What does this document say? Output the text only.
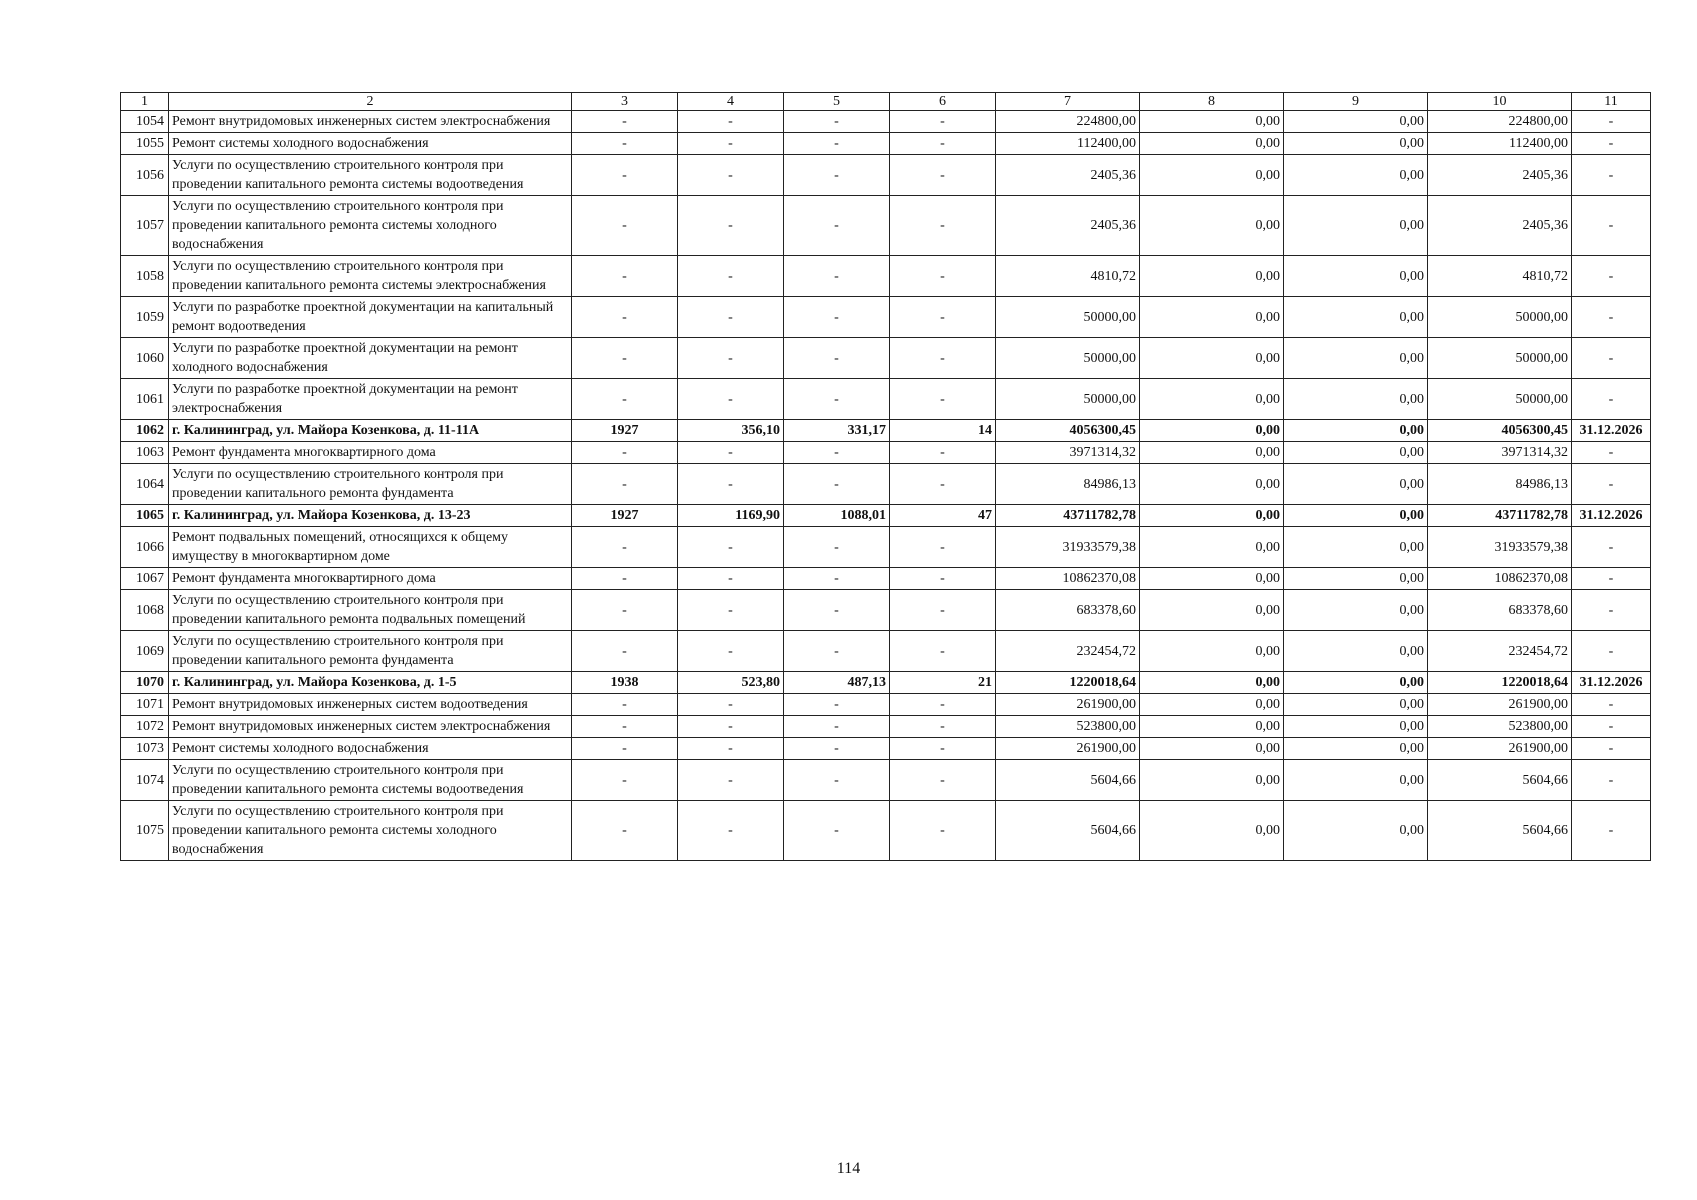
1	2	3	4	5	6	7	8	9	10	11
1054	Ремонт внутридомовых инженерных систем электроснабжения	-	-	-	-	224800,00	0,00	0,00	224800,00	-
1055	Ремонт системы холодного водоснабжения	-	-	-	-	112400,00	0,00	0,00	112400,00	-
1056	Услуги по осуществлению строительного контроля при проведении капитального ремонта системы водоотведения	-	-	-	-	2405,36	0,00	0,00	2405,36	-
1057	Услуги по осуществлению строительного контроля при проведении капитального ремонта системы холодного водоснабжения	-	-	-	-	2405,36	0,00	0,00	2405,36	-
1058	Услуги по осуществлению строительного контроля при проведении капитального ремонта системы электроснабжения	-	-	-	-	4810,72	0,00	0,00	4810,72	-
1059	Услуги по разработке проектной документации на капитальный ремонт водоотведения	-	-	-	-	50000,00	0,00	0,00	50000,00	-
1060	Услуги по разработке проектной документации на ремонт холодного водоснабжения	-	-	-	-	50000,00	0,00	0,00	50000,00	-
1061	Услуги по разработке проектной документации на ремонт электроснабжения	-	-	-	-	50000,00	0,00	0,00	50000,00	-
1062	г. Калининград, ул. Майора Козенкова, д. 11-11А	1927	356,10	331,17	14	4056300,45	0,00	0,00	4056300,45	31.12.2026
1063	Ремонт фундамента многоквартирного дома	-	-	-	-	3971314,32	0,00	0,00	3971314,32	-
1064	Услуги по осуществлению строительного контроля при проведении капитального ремонта фундамента	-	-	-	-	84986,13	0,00	0,00	84986,13	-
1065	г. Калининград, ул. Майора Козенкова, д. 13-23	1927	1169,90	1088,01	47	43711782,78	0,00	0,00	43711782,78	31.12.2026
1066	Ремонт подвальных помещений, относящихся к общему имуществу в многоквартирном доме	-	-	-	-	31933579,38	0,00	0,00	31933579,38	-
1067	Ремонт фундамента многоквартирного дома	-	-	-	-	10862370,08	0,00	0,00	10862370,08	-
1068	Услуги по осуществлению строительного контроля при проведении капитального ремонта подвальных помещений	-	-	-	-	683378,60	0,00	0,00	683378,60	-
1069	Услуги по осуществлению строительного контроля при проведении капитального ремонта фундамента	-	-	-	-	232454,72	0,00	0,00	232454,72	-
1070	г. Калининград, ул. Майора Козенкова, д. 1-5	1938	523,80	487,13	21	1220018,64	0,00	0,00	1220018,64	31.12.2026
1071	Ремонт внутридомовых инженерных систем водоотведения	-	-	-	-	261900,00	0,00	0,00	261900,00	-
1072	Ремонт внутридомовых инженерных систем электроснабжения	-	-	-	-	523800,00	0,00	0,00	523800,00	-
1073	Ремонт системы холодного водоснабжения	-	-	-	-	261900,00	0,00	0,00	261900,00	-
1074	Услуги по осуществлению строительного контроля при проведении капитального ремонта системы водоотведения	-	-	-	-	5604,66	0,00	0,00	5604,66	-
1075	Услуги по осуществлению строительного контроля при проведении капитального ремонта системы холодного водоснабжения	-	-	-	-	5604,66	0,00	0,00	5604,66	-
114
